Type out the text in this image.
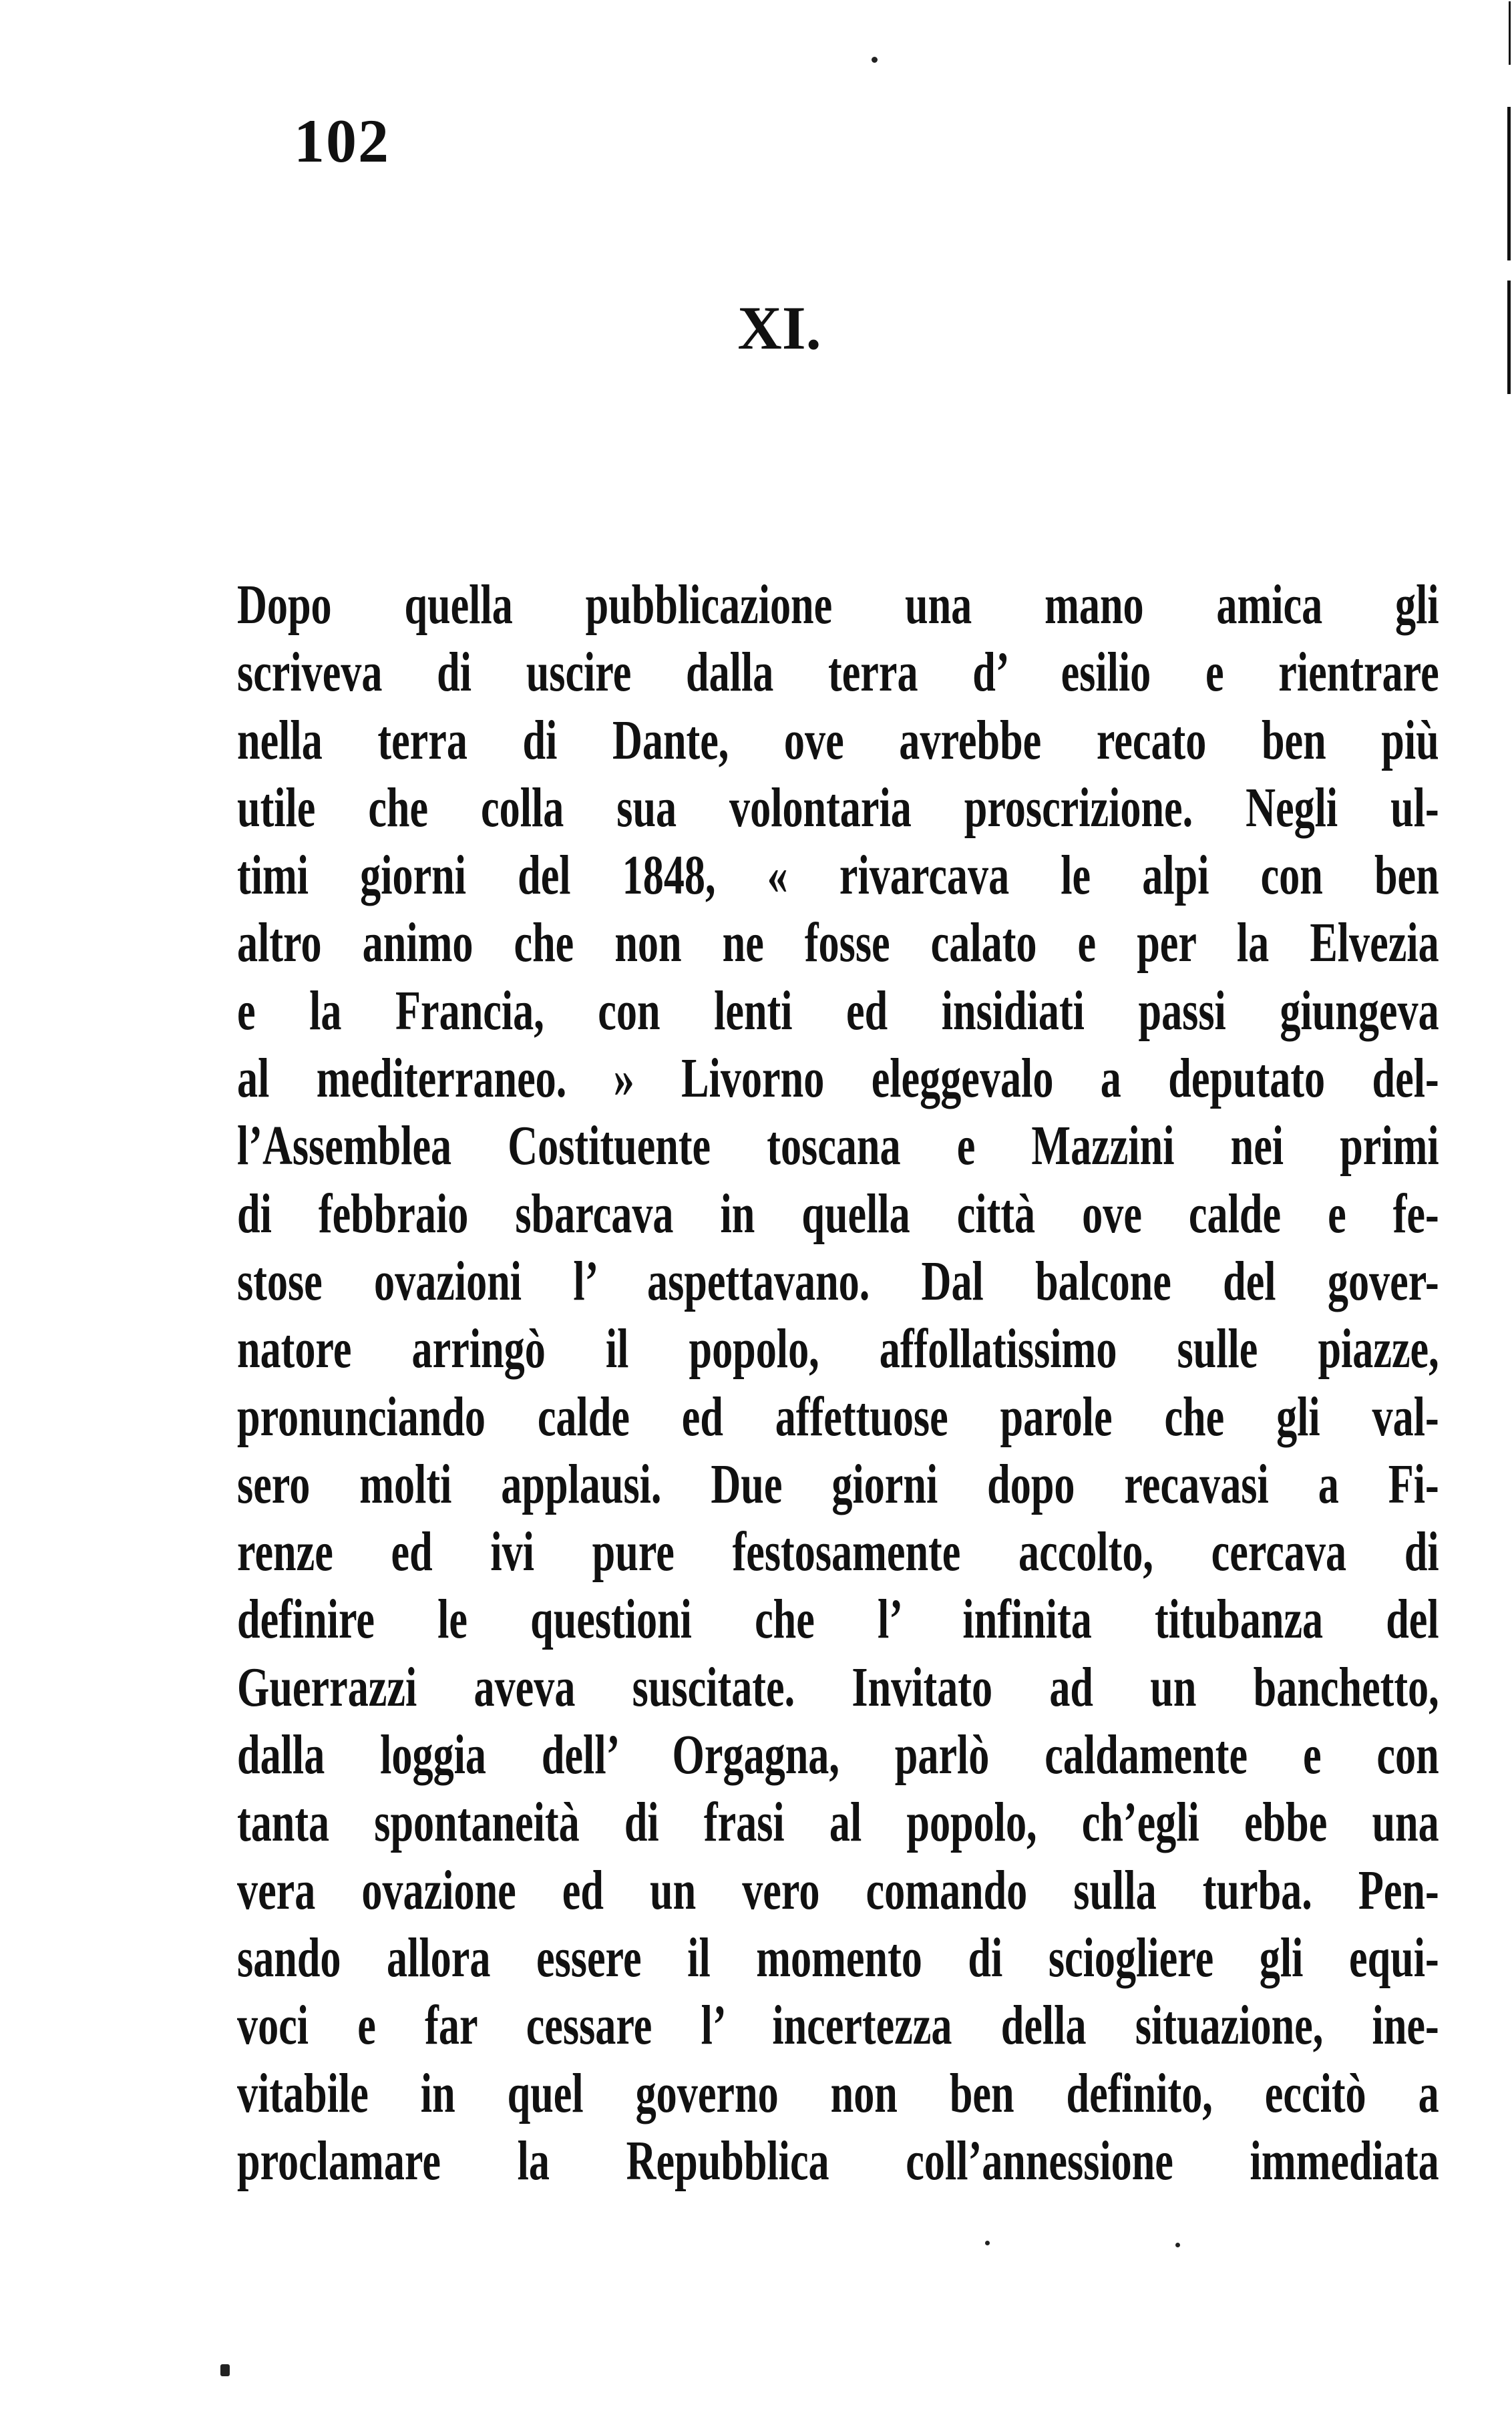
102
XI.
Dopo quella pubblicazione una mano amica gli
scriveva di uscire dalla terra d’ esilio e rientrare
nella terra di Dante, ove avrebbe recato ben più
utile che colla sua volontaria proscrizione. Negli ul-
timi giorni del 1848, « rivarcava le alpi con ben
altro animo che non ne fosse calato e per la Elvezia
e la Francia, con lenti ed insidiati passi giungeva
al mediterraneo. » Livorno eleggevalo a deputato del-
l’Assemblea Costituente toscana e Mazzini nei primi
di febbraio sbarcava in quella città ove calde e fe-
stose ovazioni l’ aspettavano. Dal balcone del gover-
natore arringò il popolo, affollatissimo sulle piazze,
pronunciando calde ed affettuose parole che gli val-
sero molti applausi. Due giorni dopo recavasi a Fi-
renze ed ivi pure festosamente accolto, cercava di
definire le questioni che l’ infinita titubanza del
Guerrazzi aveva suscitate. Invitato ad un banchetto,
dalla loggia dell’ Orgagna, parlò caldamente e con
tanta spontaneità di frasi al popolo, ch’egli ebbe una
vera ovazione ed un vero comando sulla turba. Pen-
sando allora essere il momento di sciogliere gli equi-
voci e far cessare l’ incertezza della situazione, ine-
vitabile in quel governo non ben definito, eccitò a
proclamare la Repubblica coll’annessione immediata
